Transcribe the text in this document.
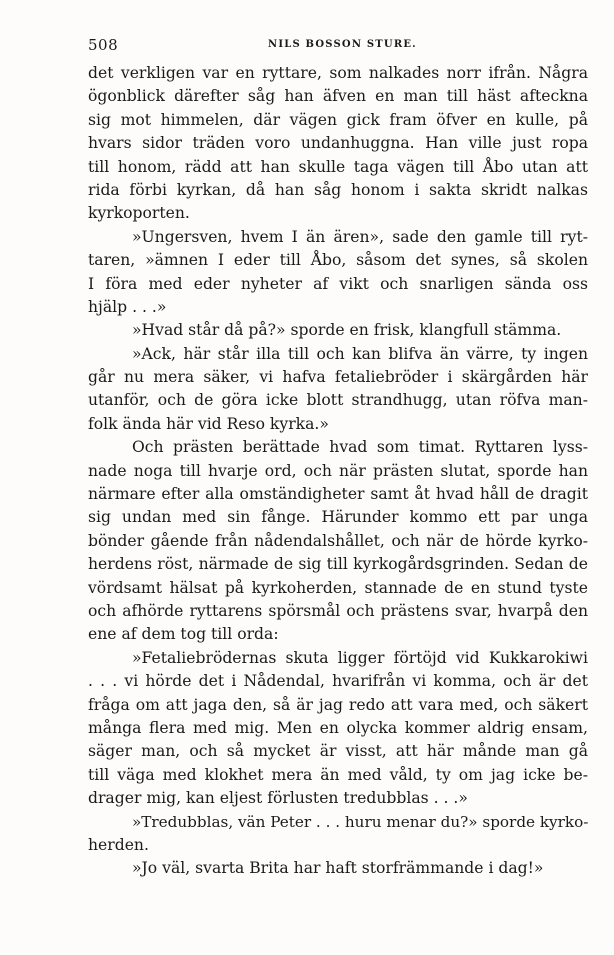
508	NILS BOSSON STURE.
det verkligen var en ryttare, som nalkades norr ifrån. Några
ögonblick därefter såg han äfven en man till häst afteckna
sig mot himmelen, där vägen gick fram öfver en kulle, på
hvars sidor träden voro undanhuggna. Han ville just ropa
till honom, rädd att han skulle taga vägen till Åbo utan att
rida förbi kyrkan, då han såg honom i sakta skridt nalkas
kyrkoporten.
»Ungersven, hvem I än ären», sade den gamle till ryt-
taren, »ämnen I eder till Åbo, såsom det synes, så skolen
I föra med eder nyheter af vikt och snarligen sända oss
hjälp . . .»
»Hvad står då på?» sporde en frisk, klangfull stämma.
»Ack, här står illa till och kan blifva än värre, ty ingen
går nu mera säker, vi hafva fetaliebröder i skärgården här
utanför, och de göra icke blott strandhugg, utan röfva man-
folk ända här vid Reso kyrka.»
Och prästen berättade hvad som timat. Ryttaren lyss-
nade noga till hvarje ord, och när prästen slutat, sporde han
närmare efter alla omständigheter samt åt hvad håll de dragit
sig undan med sin fånge. Härunder kommo ett par unga
bönder gående från nådendalshållet, och när de hörde kyrko-
herdens röst, närmade de sig till kyrkogårdsgrinden. Sedan de
vördsamt hälsat på kyrkoherden, stannade de en stund tyste
och afhörde ryttarens spörsmål och prästens svar, hvarpå den
ene af dem tog till orda:
»Fetaliebrödernas skuta ligger förtöjd vid Kukkarokiwi
. . . vi hörde det i Nådendal, hvarifrån vi komma, och är det
fråga om att jaga den, så är jag redo att vara med, och säkert
många flera med mig. Men en olycka kommer aldrig ensam,
säger man, och så mycket är visst, att här månde man gå
till väga med klokhet mera än med våld, ty om jag icke be-
drager mig, kan eljest förlusten tredubblas . . .»
»Tredubblas, vän Peter . . . huru menar du?» sporde kyrko-
herden.
»Jo väl, svarta Brita har haft storfrämmande i dag!»
